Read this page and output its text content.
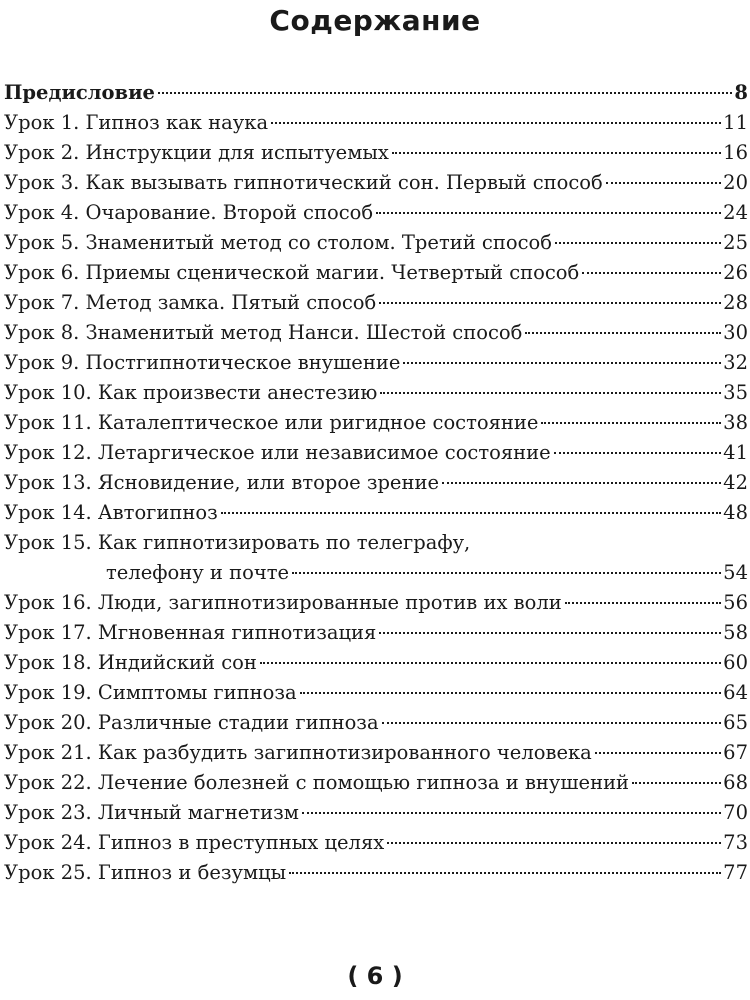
Содержание
Предисловие	8
Урок 1. Гипноз как наука	11
Урок 2. Инструкции для испытуемых	16
Урок 3. Как вызывать гипнотический сон. Первый способ	20
Урок 4. Очарование. Второй способ	24
Урок 5. Знаменитый метод со столом. Третий способ	25
Урок 6. Приемы сценической магии. Четвертый способ	26
Урок 7. Метод замка. Пятый способ	28
Урок 8. Знаменитый метод Нанси. Шестой способ	30
Урок 9. Постгипнотическое внушение	32
Урок 10. Как произвести анестезию	35
Урок 11. Каталептическое или ригидное состояние	38
Урок 12. Летаргическое или независимое состояние	41
Урок 13. Ясновидение, или второе зрение	42
Урок 14. Автогипноз	48
Урок 15. Как гипнотизировать по телеграфу,
телефону и почте	54
Урок 16. Люди, загипнотизированные против их воли	56
Урок 17. Мгновенная гипнотизация	58
Урок 18. Индийский сон	60
Урок 19. Симптомы гипноза	64
Урок 20. Различные стадии гипноза	65
Урок 21. Как разбудить загипнотизированного человека	67
Урок 22. Лечение болезней с помощью гипноза и внушений	68
Урок 23. Личный магнетизм	70
Урок 24. Гипноз в преступных целях	73
Урок 25. Гипноз и безумцы	77
( 6 )
